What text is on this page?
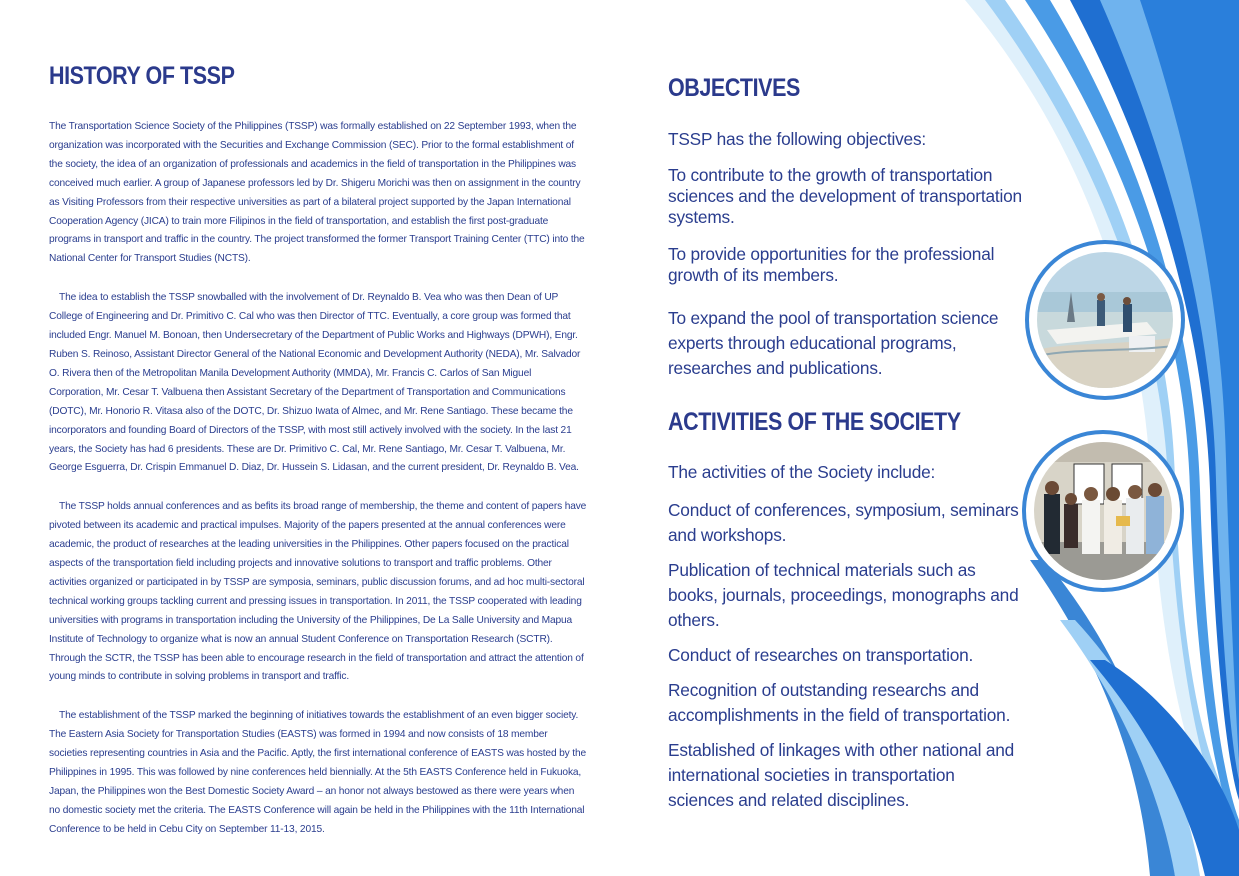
HISTORY OF TSSP

The Transportation Science Society of the Philippines (TSSP) was formally established on 22 September 1993, when the organization was incorporated with the Securities and Exchange Commission (SEC). Prior to the formal establishment of the society, the idea of an organization of professionals and academics in the field of transportation in the Philippines was conceived much earlier. A group of Japanese professors led by Dr. Shigeru Morichi was then on assignment in the country as Visiting Professors from their respective universities as part of a bilateral project supported by the Japan International Cooperation Agency (JICA) to train more Filipinos in the field of transportation, and establish the first post-graduate programs in transport and traffic in the country. The project transformed the former Transport Training Center (TTC) into the National Center for Transport Studies (NCTS).

The idea to establish the TSSP snowballed with the involvement of Dr. Reynaldo B. Vea who was then Dean of UP College of Engineering and Dr. Primitivo C. Cal who was then Director of TTC. Eventually, a core group was formed that included Engr. Manuel M. Bonoan, then Undersecretary of the Department of Public Works and Highways (DPWH), Engr. Ruben S. Reinoso, Assistant Director General of the National Economic and Development Authority (NEDA), Mr. Salvador O. Rivera then of the Metropolitan Manila Development Authority (MMDA), Mr. Francis C. Carlos of San Miguel Corporation, Mr. Cesar T. Valbuena then Assistant Secretary of the Department of Transportation and Communications (DOTC), Mr. Honorio R. Vitasa also of the DOTC, Dr. Shizuo Iwata of Almec, and Mr. Rene Santiago. These became the incorporators and founding Board of Directors of the TSSP, with most still actively involved with the society. In the last 21 years, the Society has had 6 presidents. These are Dr. Primitivo C. Cal, Mr. Rene Santiago, Mr. Cesar T. Valbuena, Mr. George Esguerra, Dr. Crispin Emmanuel D. Diaz, Dr. Hussein S. Lidasan, and the current president, Dr. Reynaldo B. Vea.

The TSSP holds annual conferences and as befits its broad range of membership, the theme and content of papers have pivoted between its academic and practical impulses. Majority of the papers presented at the annual conferences were academic, the product of researches at the leading universities in the Philippines. Other papers focused on the practical aspects of the transportation field including projects and innovative solutions to transport and traffic problems. Other activities organized or participated in by TSSP are symposia, seminars, public discussion forums, and ad hoc multi-sectoral technical working groups tackling current and pressing issues in transportation. In 2011, the TSSP cooperated with leading universities with programs in transportation including the University of the Philippines, De La Salle University and Mapua Institute of Technology to organize what is now an annual Student Conference on Transportation Research (SCTR). Through the SCTR, the TSSP has been able to encourage research in the field of transportation and attract the attention of young minds to contribute in solving problems in transport and traffic.

The establishment of the TSSP marked the beginning of initiatives towards the establishment of an even bigger society. The Eastern Asia Society for Transportation Studies (EASTS) was formed in 1994 and now consists of 18 member societies representing countries in Asia and the Pacific. Aptly, the first international conference of EASTS was hosted by the Philippines in 1995. This was followed by nine conferences held biennially. At the 5th EASTS Conference held in Fukuoka, Japan, the Philippines won the Best Domestic Society Award – an honor not always bestowed as there were years when no domestic society met the criteria. The EASTS Conference will again be held in the Philippines with the 11th International Conference to be held in Cebu City on September 11-13, 2015.

OBJECTIVES

TSSP has the following objectives:

To contribute to the growth of transportation sciences and the development of transportation systems.

To provide opportunities for the professional growth of its members.

To expand the pool of transportation science experts through educational programs, researches and publications.

ACTIVITIES OF THE SOCIETY

The activities of the Society include:

Conduct of conferences, symposium, seminars and workshops.

Publication of technical materials such as books, journals, proceedings, monographs and others.

Conduct of researches on transportation.

Recognition of outstanding researchs and accomplishments in the field of transportation.

Established of linkages with other national and international societies in transportation sciences and related disciplines.
